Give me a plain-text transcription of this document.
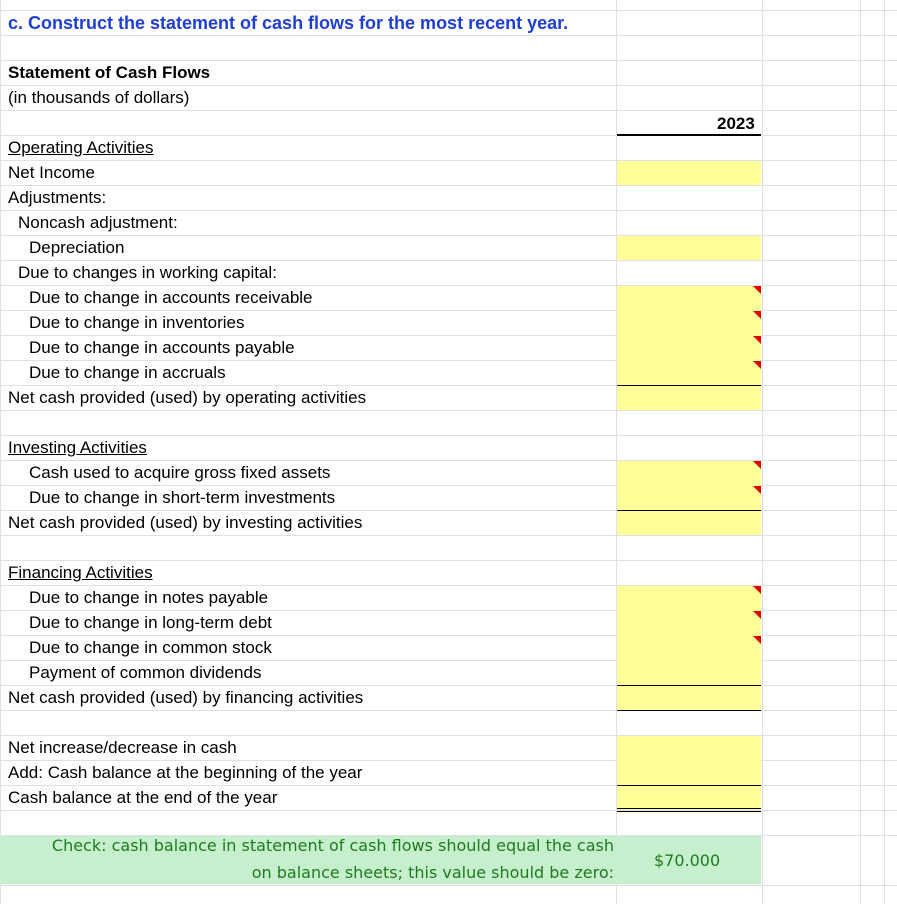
c. Construct the statement of cash flows for the most recent year.
Statement of Cash Flows
(in thousands of dollars)
2023
Operating Activities
Net Income
Adjustments:
Noncash adjustment:
Depreciation
Due to changes in working capital:
Due to change in accounts receivable
Due to change in inventories
Due to change in accounts payable
Due to change in accruals
Net cash provided (used) by operating activities
Investing Activities
Cash used to acquire gross fixed assets
Due to change in short-term investments
Net cash provided (used) by investing activities
Financing Activities
Due to change in notes payable
Due to change in long-term debt
Due to change in common stock
Payment of common dividends
Net cash provided (used) by financing activities
Net increase/decrease in cash
Add: Cash balance at the beginning of the year
Cash balance at the end of the year
Check: cash balance in statement of cash flows should equal the cash
on balance sheets; this value should be zero:
$70.000
